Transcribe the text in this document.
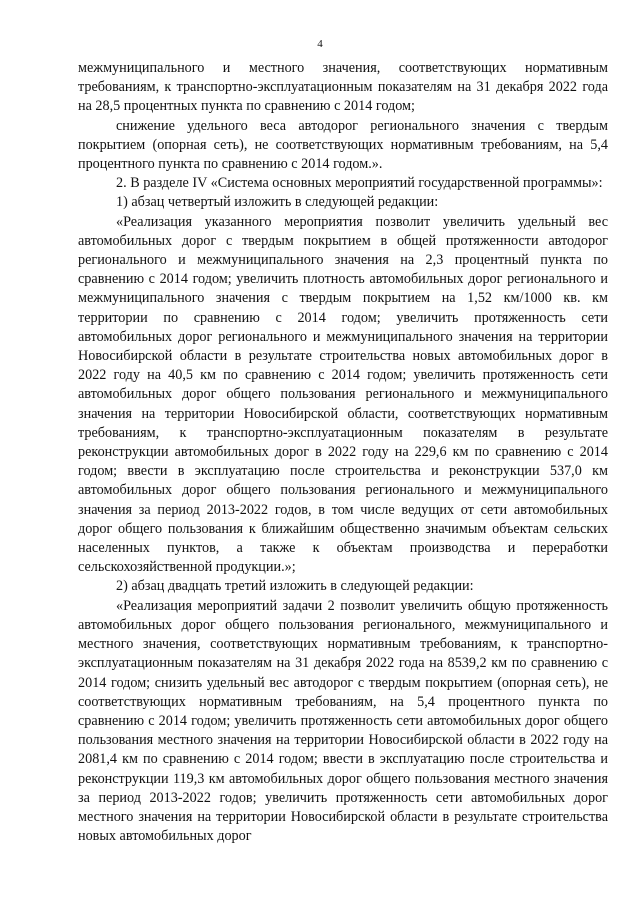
4

межмуниципального и местного значения, соответствующих нормативным требованиям, к транспортно-эксплуатационным показателям на 31 декабря 2022 года на 28,5 процентных пункта по сравнению с 2014 годом;

снижение удельного веса автодорог регионального значения с твердым покрытием (опорная сеть), не соответствующих нормативным требованиям, на 5,4 процентного пункта по сравнению с 2014 годом.».

2. В разделе IV «Система основных мероприятий государственной программы»:

1) абзац четвертый изложить в следующей редакции:

«Реализация указанного мероприятия позволит увеличить удельный вес автомобильных дорог с твердым покрытием в общей протяженности автодорог регионального и межмуниципального значения на 2,3 процентный пункта по сравнению с 2014 годом; увеличить плотность автомобильных дорог регионального и межмуниципального значения с твердым покрытием на 1,52 км/1000 кв. км территории по сравнению с 2014 годом; увеличить протяженность сети автомобильных дорог регионального и межмуниципального значения на территории Новосибирской области в результате строительства новых автомобильных дорог в 2022 году на 40,5 км по сравнению с 2014 годом; увеличить протяженность сети автомобильных дорог общего пользования регионального и межмуниципального значения на территории Новосибирской области, соответствующих нормативным требованиям, к транспортно-эксплуатационным показателям в результате реконструкции автомобильных дорог в 2022 году на 229,6 км по сравнению с 2014 годом; ввести в эксплуатацию после строительства и реконструкции 537,0 км автомобильных дорог общего пользования регионального и межмуниципального значения за период 2013-2022 годов, в том числе ведущих от сети автомобильных дорог общего пользования к ближайшим общественно значимым объектам сельских населенных пунктов, а также к объектам производства и переработки сельскохозяйственной продукции.»;

2) абзац двадцать третий изложить в следующей редакции:

«Реализация мероприятий задачи 2 позволит увеличить общую протяженность автомобильных дорог общего пользования регионального, межмуниципального и местного значения, соответствующих нормативным требованиям, к транспортно-эксплуатационным показателям на 31 декабря 2022 года на 8539,2 км по сравнению с 2014 годом; снизить удельный вес автодорог с твердым покрытием (опорная сеть), не соответствующих нормативным требованиям, на 5,4 процентного пункта по сравнению с 2014 годом; увеличить протяженность сети автомобильных дорог общего пользования местного значения на территории Новосибирской области в 2022 году на 2081,4 км по сравнению с 2014 годом; ввести в эксплуатацию после строительства и реконструкции 119,3 км автомобильных дорог общего пользования местного значения за период 2013-2022 годов; увеличить протяженность сети автомобильных дорог местного значения на территории Новосибирской области в результате строительства новых автомобильных дорог
